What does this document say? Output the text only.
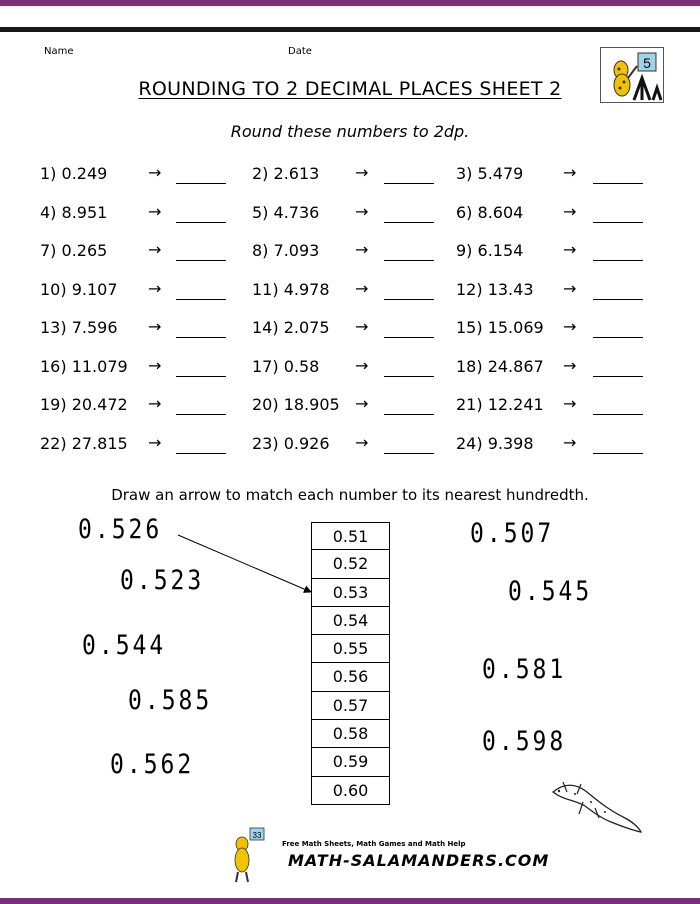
Name	Date
5
ROUNDING TO 2 DECIMAL PLACES SHEET 2
Round these numbers to 2dp.
1) 0.249	→	2) 2.613 →	3) 5.479 →
4) 8.951	→	5) 4.736 →	6) 8.604 →
7) 0.265	→	8) 7.093 →	9) 6.154 →
10) 9.107 →	11) 4.978 →	12) 13.43 →
13) 7.596 →	14) 2.075 →	15) 15.069 →
16) 11.079 →	17) 0.58 →	18) 24.867 →
19) 20.472 →	20) 18.905 →	21) 12.241 →
22) 27.815 →	23) 0.926 →	24) 9.398 →
Draw an arrow to match each number to its nearest hundredth.
0.526
0.523
0.544
0.585
0.562
0.507
0.545
0.581
0.598
0.51
0.52
0.53
0.54
0.55
0.56
0.57
0.58
0.59
0.60
33
Free Math Sheets, Math Games and Math Help
MATH-SALAMANDERS.COM
